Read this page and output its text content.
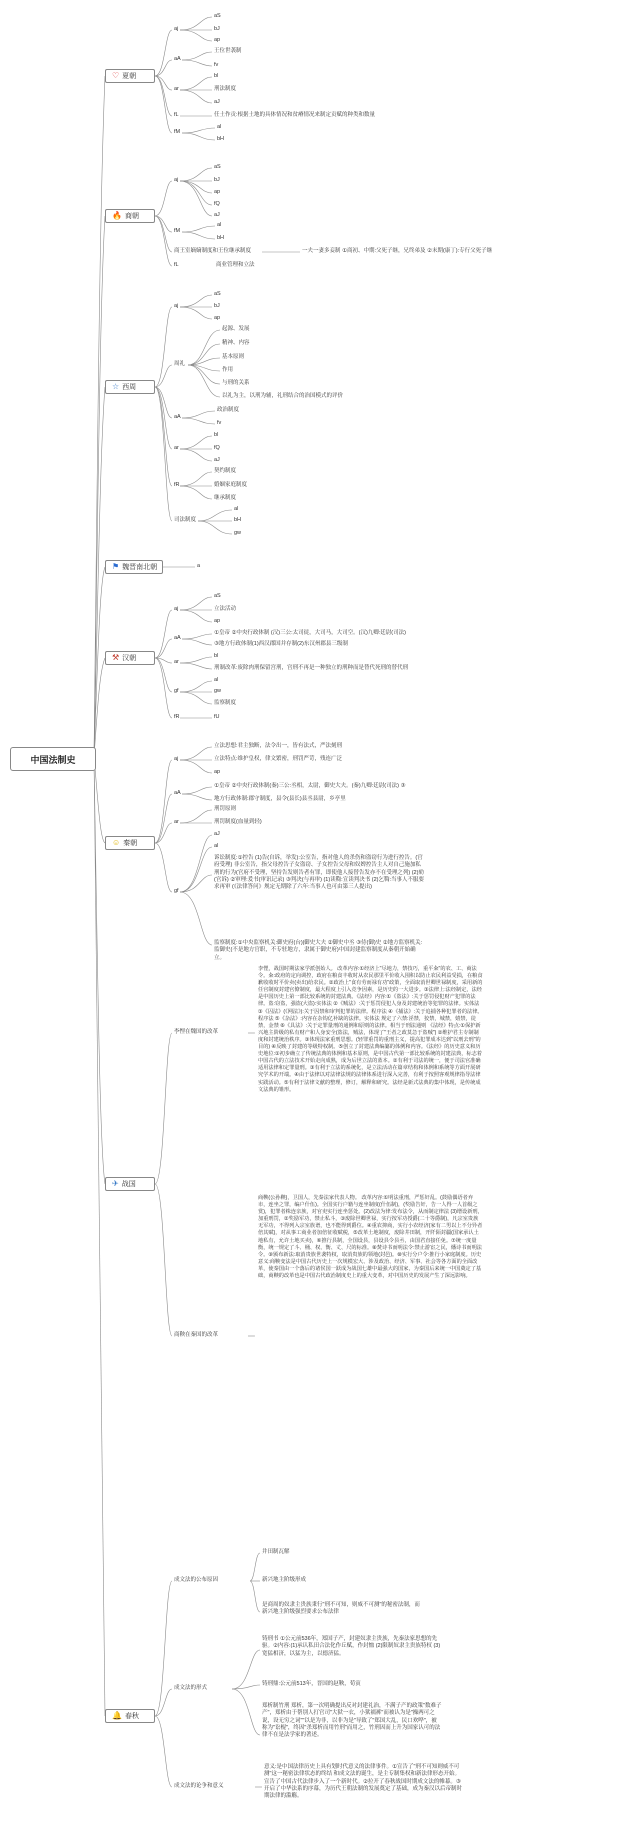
中国法制史
♡ 夏朝
🔥 商朝
☆ 西周
⚑ 魏晋南北朝
⚒ 汉朝
☺ 秦朝
✈ 战国
🔔 春秋
aj
aS
bJ
ap
aA
王位世袭制
fv
ar
bl
刑法制度
aJ
fL	任土作贡:根据土地的具体情况和贫瘠情况来制定贡赋的种类和数量
fM
al
bH
aj
aS
bJ
ap
fQ
aJ
fM
al
bH
商王室嫡嫡制度和王位继承制度	一夫一妻多妾制 ①商初、中期:父死子继，兄终弟及 ②末期(康丁):专行父死子继
fL	商业管理和立法
aj
aS
bJ
ap
周礼
起源、发展
精神、内容
基本原则
作用
与刑的关系
以礼为主，以刑为辅，礼刑结合的治国模式的评价
aA
政治制度
fv
ar
bl
fQ
aJ
fR
契约制度
婚姻家庭制度
继承制度
司法制度
al
bH
gw
a
aj
aS
立法活动
ap
aA
①皇帝 ②中央行政体制 (汉)三公:太司徒，大司马，大司空。(汉)九卿:廷尉(司法)
③地方行政体制(1)西汉郡国并存制(2)东汉州郡县三级制
ar
bl
刑制改革:废除肉刑保留宫刑，宫刑不再是一种独立的刑种而是替代死刑的替代刑
gf
al
gw
监察制度
fR	fU
aj
立法思想:君主独断，法令出一，皆有法式，严法刻刑
立法特点:维护皇权，律文繁密，刑罚严苛，残连广泛
ap
aA
①皇帝 ②中央行政体制(秦)三公:丞相，太尉，御史大夫。(秦)九卿:廷尉(司法) ③
地方行政体制:郡守制度，县令(县长)县丞县尉，乡亭里
ar
刑罚原则
刑罚制度(血量到轻)
gf
aJ
al
诉讼制度:①控告 (1)告(自诉，举发):公室告，指对他人的杀伤和盗窃行为进行控告。(官府受理) 非公室告，指父母控告子女盗窃、子女控告父母和奴婢控告主人对自己施加私刑的行为(官府不受理，坚持告发则告者有罪，即使他人接替告发亦不在受理之列) (2)劾(官诉) ②审理:爰书(审讯记录) ③判决(与再审) (1)读鞫:宣读判决书 (2)乞鞫:当事人不服要求再审 (《法律答问》规定无期除了六年:当事人也可由第三人提出)
监察制度:①中央监察机关:御史府(台)|御史大夫 ②御史中丞 ③侍(御)史 ②地方监察机关:监御史(不是地方官职，不专驻地方，隶属于御史府)中国封建监察制度从秦朝开始确立。
李悝在魏国的改革
李悝，战国时期法家学派创始人。 改革内容:①经济上"尽地力，禁技巧，重平籴"的农、工、商法令。籴:政府的定向调控，政府在粮食丰收时从农民那里平价收入囤积以防止农民利益受损，在粮食歉收收时平价卖(卖出)给农民。②政治上"食有劳而禄有功"政策，全面取消世卿世禄制度，采用新的任官制度封建官僚制度，最大程度上引入竞争因素，是历史的一大进步。③法律上:法经制定，法经是中国历史上第一部比较系统的封建法典。《法经》内容:①《盗法》:关于惩罚侵犯财产犯罪的法律。盗:窃盗，强盗(大盗):实体法 ②《贼法》:关于惩罚侵犯人身及封建统治等犯罪的法律。实体法 ③《囚法》(《网法》):关于囚禁和审判犯罪的法律。程序法 ④《捕法》:关于追捕各种犯罪者的法律。程序法 ⑤《杂法》:内容在杂钩亿补缺的法律。实体法 规定了六禁:淫禁，狡禁，城禁，嬉禁，徒禁，金禁 ⑥《具法》:关于定罪量刑的通例和原则的法律。相当于刑法通则 《法经》特点:①保护新兴地主阶级的私有财产和人身安全(盗法，贼法，体现了"王者之政莫急于盗贼") ②维护君主专制制度和封建统治秩序。③体现法家重刑思想。(轻罪重罚的重刑主义，提高犯罪成本达到"以刑去刑"的目的) ④反映了封建的等级特权制。⑤创立了封建法典编纂的体例和内容。《法经》的历史意义和历史地位:①初步确立了传统法典的体例和基本原则，是中国古代第一部比较系统的封建法典，标志着中国古代的立法技术开始走向成熟，成为后世立法的蓝本。②有利于司法的统一，便于司法官准确适用法律和定罪量刑。③有利于立法的系统化，是立法活动在篇章结构和体例和系统等方面开展研究学术的开端。④由于法律以对法律法规的法律体系进行深入完善，有利于按照客观规律指导法律实践活动。⑤有利于法律文献的整理，修订，解释和研究。法经是新式法典的集中体现，是传统成文法典的雏形。
商鞅在秦国的改革
商鞅(公孙鞅)，卫国人，先秦法家代表人物。 改革内容:①明法重刑，严惩奸乱。(鼓励偶语者弃市，连坐之罪，编户什伍)。全国实行户籍与连坐制度(什伍制)，(奖励告奸，告一人得一人首级之赏)，犯罪者株连亲族，对官吏实行连坐惩处。(2)改法为律:发布法令，从而制定律法 (3)增设新刑，加重刑罚，②奖励军功，禁止私斗，③废除世卿世禄，实行按军功授爵(二十等爵制)，凡宗室贵族无军功，不得列入宗室族谱，也不能得到爵位。④重农抑商，实行小农经济(家有二男以上不分异者倍其赋)，对从事工商业者加倍征收赋税，⑤改革土地制度，废除井田制，开阡陌封疆(国家承认土地私有，允许土地买卖)，⑥推行县制，全国设县，县设县令县丞，由国君直接任免。⑦统一度量衡，统一规定了斗、桶、权、衡、丈、尺的标准。⑧焚诗书而明法令:禁止游宦之民，燔诗书而明法令。⑨颁布新法:取消贵族世袭特权，取消贵族的领地(封邑)。⑩实行分户令:推行小家庭制度。历史意义:商鞅变法是中国古代历史上一次规模宏大、涉及政治、经济、军事、社会等各方面的全面改革，使秦国由一个落后的诸侯国一跃成为战国七雄中最强大的国家，为秦国后来统一中国奠定了基础，商鞅的改革也是中国古代政治制度史上的重大变革，对中国历史的发展产生了深远影响。
成文法的公布原因
井田制瓦解
新兴地主阶级形成
是商周的奴隶主贵族秉行"刑不可知，则威不可测"的秘密法制，而新兴地主阶级强烈要求公布法律
成文法的形式
铸刑书 ①公元前536年，郑国子产，封建奴隶主贵族，先秦法家思想的先驱。②内容:(1)承认私田合法化作丘赋，作封恤 (2)限制奴隶主贵族特权 (3)宽猛相济，以猛为主，以德济猛。
铸刑鼎:公元前513年，晋国的赵鞅，荀寅
郑析制竹刑 郑析，第一次明确提出反对封建礼治，不满子产的政策"数难子产"，郑析由于帮别人打官司"大狱一衣，小狱襦裤"而被认为是"操两可之说，设无穷之词""以是为非，以非为是"导致了"郑国大乱，民口欢哗"，被称为"讼棍"，终因"杀郑析而用竹刑"而用之，竹刑因而上升为国家认可的法律不在是法学家的著述。
成文法的论争和意义
意义:是中国法律历史上具有划时代意义的法律事件。①宣告了"刑不可知则威不可测"这一秘密法律状态的终结 和成文法的诞生，是主专制集权和新法律形态开始。宣告了中国古代法律步入了一个新时代。②拉开了春秋战国时期成文法的帷幕。③开启了中华法系的序幕，为历代王朝法制的发展奠定了基础，成为秦汉以后帝制时期法律的滥觞。
